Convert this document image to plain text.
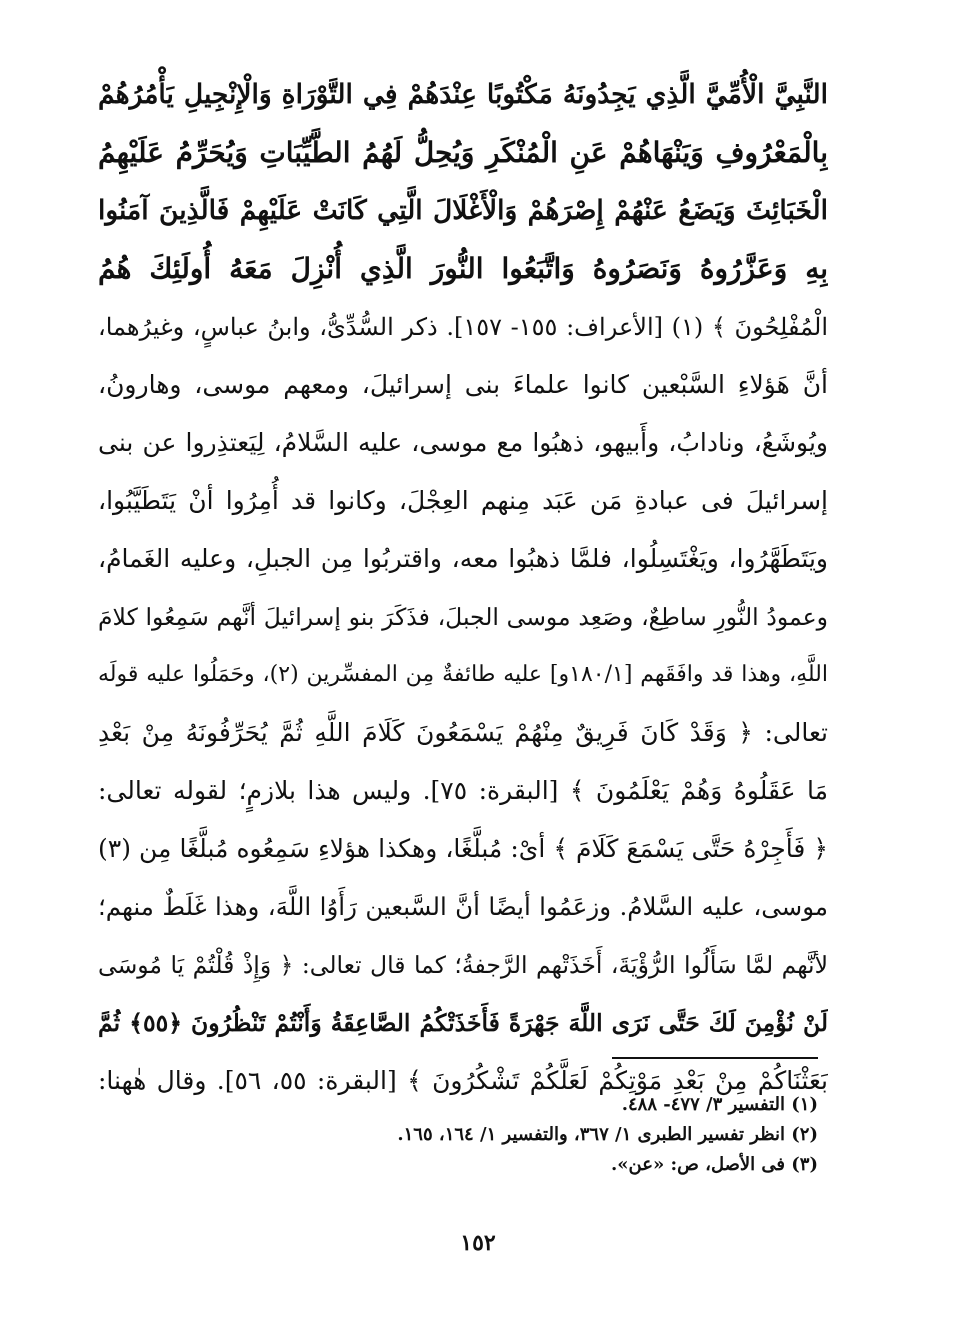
النَّبِيَّ الْأُمِّيَّ الَّذِي يَجِدُونَهُ مَكْتُوبًا عِنْدَهُمْ فِي التَّوْرَاةِ وَالْإِنْجِيلِ يَأْمُرُهُمْ
بِالْمَعْرُوفِ وَيَنْهَاهُمْ عَنِ الْمُنْكَرِ وَيُحِلُّ لَهُمُ الطَّيِّبَاتِ وَيُحَرِّمُ عَلَيْهِمُ
الْخَبَائِثَ وَيَضَعُ عَنْهُمْ إِصْرَهُمْ وَالْأَغْلَالَ الَّتِي كَانَتْ عَلَيْهِمْ فَالَّذِينَ آمَنُوا
بِهِ وَعَزَّرُوهُ وَنَصَرُوهُ وَاتَّبَعُوا النُّورَ الَّذِي أُنْزِلَ مَعَهُ أُولَئِكَ هُمُ
الْمُفْلِحُونَ ﴾ (١) [الأعراف: ١٥٥- ١٥٧]. ذكر السُّدِّىُّ، وابنُ عباسٍ، وغيرُهما،
أنَّ هَؤلاءِ السَّبْعين كانوا علماءَ بنى إسرائيلَ، ومعهم موسى، وهارونُ،
ويُوشَعُ، ونادابُ، وأَبيهو، ذهبُوا مع موسى، عليه السَّلامُ، لِيَعتذِروا عن بنى
إسرائيلَ فى عبادةِ مَن عَبَد مِنهم العِجْلَ، وكانوا قد أُمِرُوا أنْ يَتَطَيَّبُوا،
ويَتَطَهَّرُوا، ويَغْتَسِلُوا، فلمَّا ذهبُوا معه، واقتربُوا مِن الجبلِ، وعليه الغَمامُ،
وعمودُ النُّورِ ساطِعٌ، وصَعِد موسى الجبلَ، فذَكَرَ بنو إسرائيلَ أنَّهم سَمِعُوا كلامَ
اللَّهِ، وهذا قد وافَقَهم [١٨٠/١و] عليه طائفةٌ مِن المفسِّرين (٢)، وحَمَلُوا عليه قولَه
تعالى: ﴿ وَقَدْ كَانَ فَرِيقٌ مِنْهُمْ يَسْمَعُونَ كَلَامَ اللَّهِ ثُمَّ يُحَرِّفُونَهُ مِنْ بَعْدِ
مَا عَقَلُوهُ وَهُمْ يَعْلَمُونَ ﴾ [البقرة: ٧٥]. وليس هذا بلازمٍ؛ لقوله تعالى:
﴿ فَأَجِرْهُ حَتَّى يَسْمَعَ كَلَامَ ﴾ أىْ: مُبلَّغًا، وهكذا هؤلاءِ سَمِعُوه مُبلَّغًا مِن (٣)
موسى، عليه السَّلامُ. وزعَمُوا أيضًا أنَّ السَّبعين رَأَوُا اللَّهَ، وهذا غَلَطٌ منهم؛
لأنَّهم لمَّا سَأَلُوا الرُّؤْيَةَ، أَخَذَتْهم الرَّجفةُ؛ كما قال تعالى: ﴿ وَإِذْ قُلْتُمْ يَا مُوسَى
لَنْ نُؤْمِنَ لَكَ حَتَّى نَرَى اللَّهَ جَهْرَةً فَأَخَذَتْكُمُ الصَّاعِقَةُ وَأَنْتُمْ تَنْظُرُونَ ﴿٥٥﴾ ثُمَّ
بَعَثْنَاكُمْ مِنْ بَعْدِ مَوْتِكُمْ لَعَلَّكُمْ تَشْكُرُونَ ﴾ [البقرة: ٥٥، ٥٦]. وقال هٰهنا:
(١) التفسير ٣/ ٤٧٧- ٤٨٨.
(٢) انظر تفسير الطبرى ١/ ٣٦٧، والتفسير ١/ ١٦٤، ١٦٥.
(٣) فى الأصل، ص: «عن».
١٥٢
